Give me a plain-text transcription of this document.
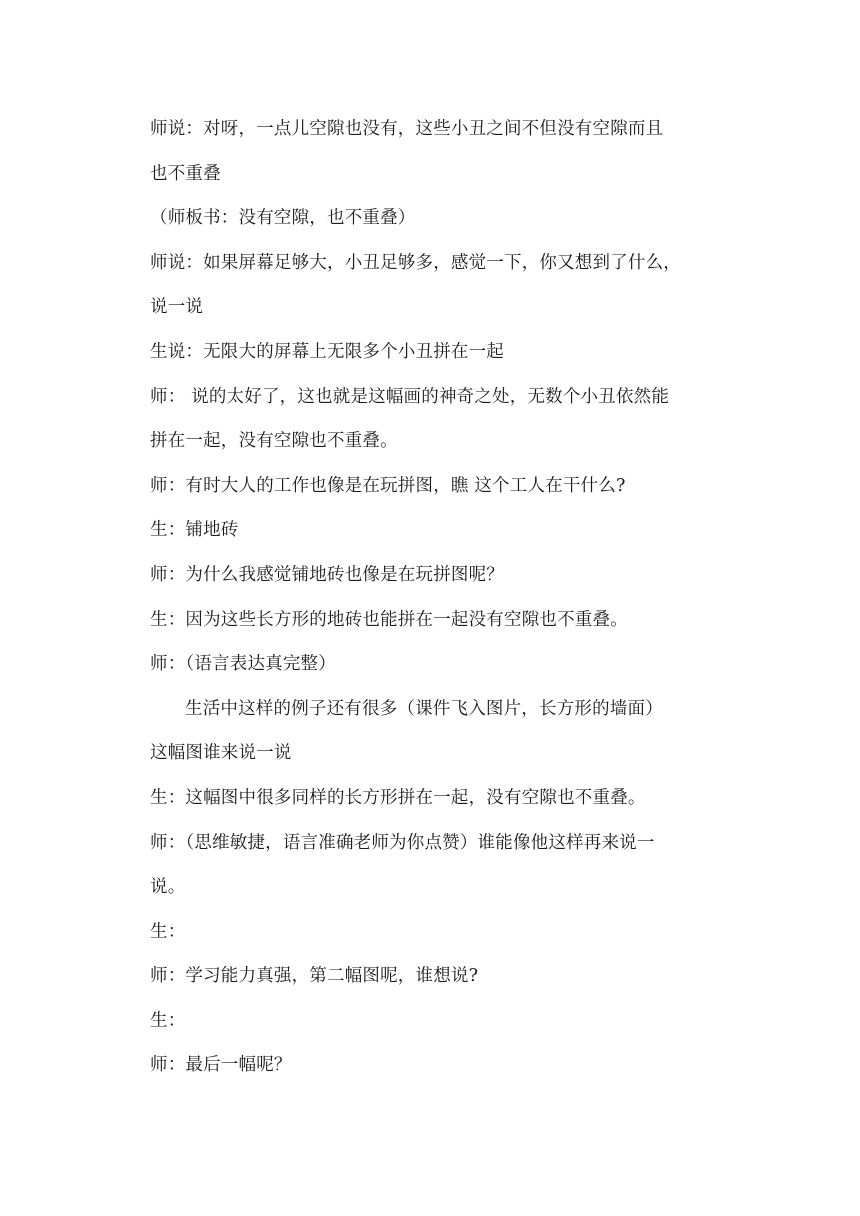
师说：对呀，一点儿空隙也没有，这些小丑之间不但没有空隙而且
也不重叠
（师板书：没有空隙，也不重叠）
师说：如果屏幕足够大，小丑足够多，感觉一下，你又想到了什么，
说一说
生说：无限大的屏幕上无限多个小丑拼在一起
师： 说的太好了，这也就是这幅画的神奇之处，无数个小丑依然能
拼在一起，没有空隙也不重叠。
师：有时大人的工作也像是在玩拼图，瞧 这个工人在干什么?
生：铺地砖
师：为什么我感觉铺地砖也像是在玩拼图呢？
生：因为这些长方形的地砖也能拼在一起没有空隙也不重叠。
师：（语言表达真完整）
生活中这样的例子还有很多（课件飞入图片，长方形的墙面）
这幅图谁来说一说
生：这幅图中很多同样的长方形拼在一起，没有空隙也不重叠。
师：（思维敏捷，语言准确老师为你点赞）谁能像他这样再来说一
说。
生：
师：学习能力真强，第二幅图呢，谁想说?
生：
师：最后一幅呢？
